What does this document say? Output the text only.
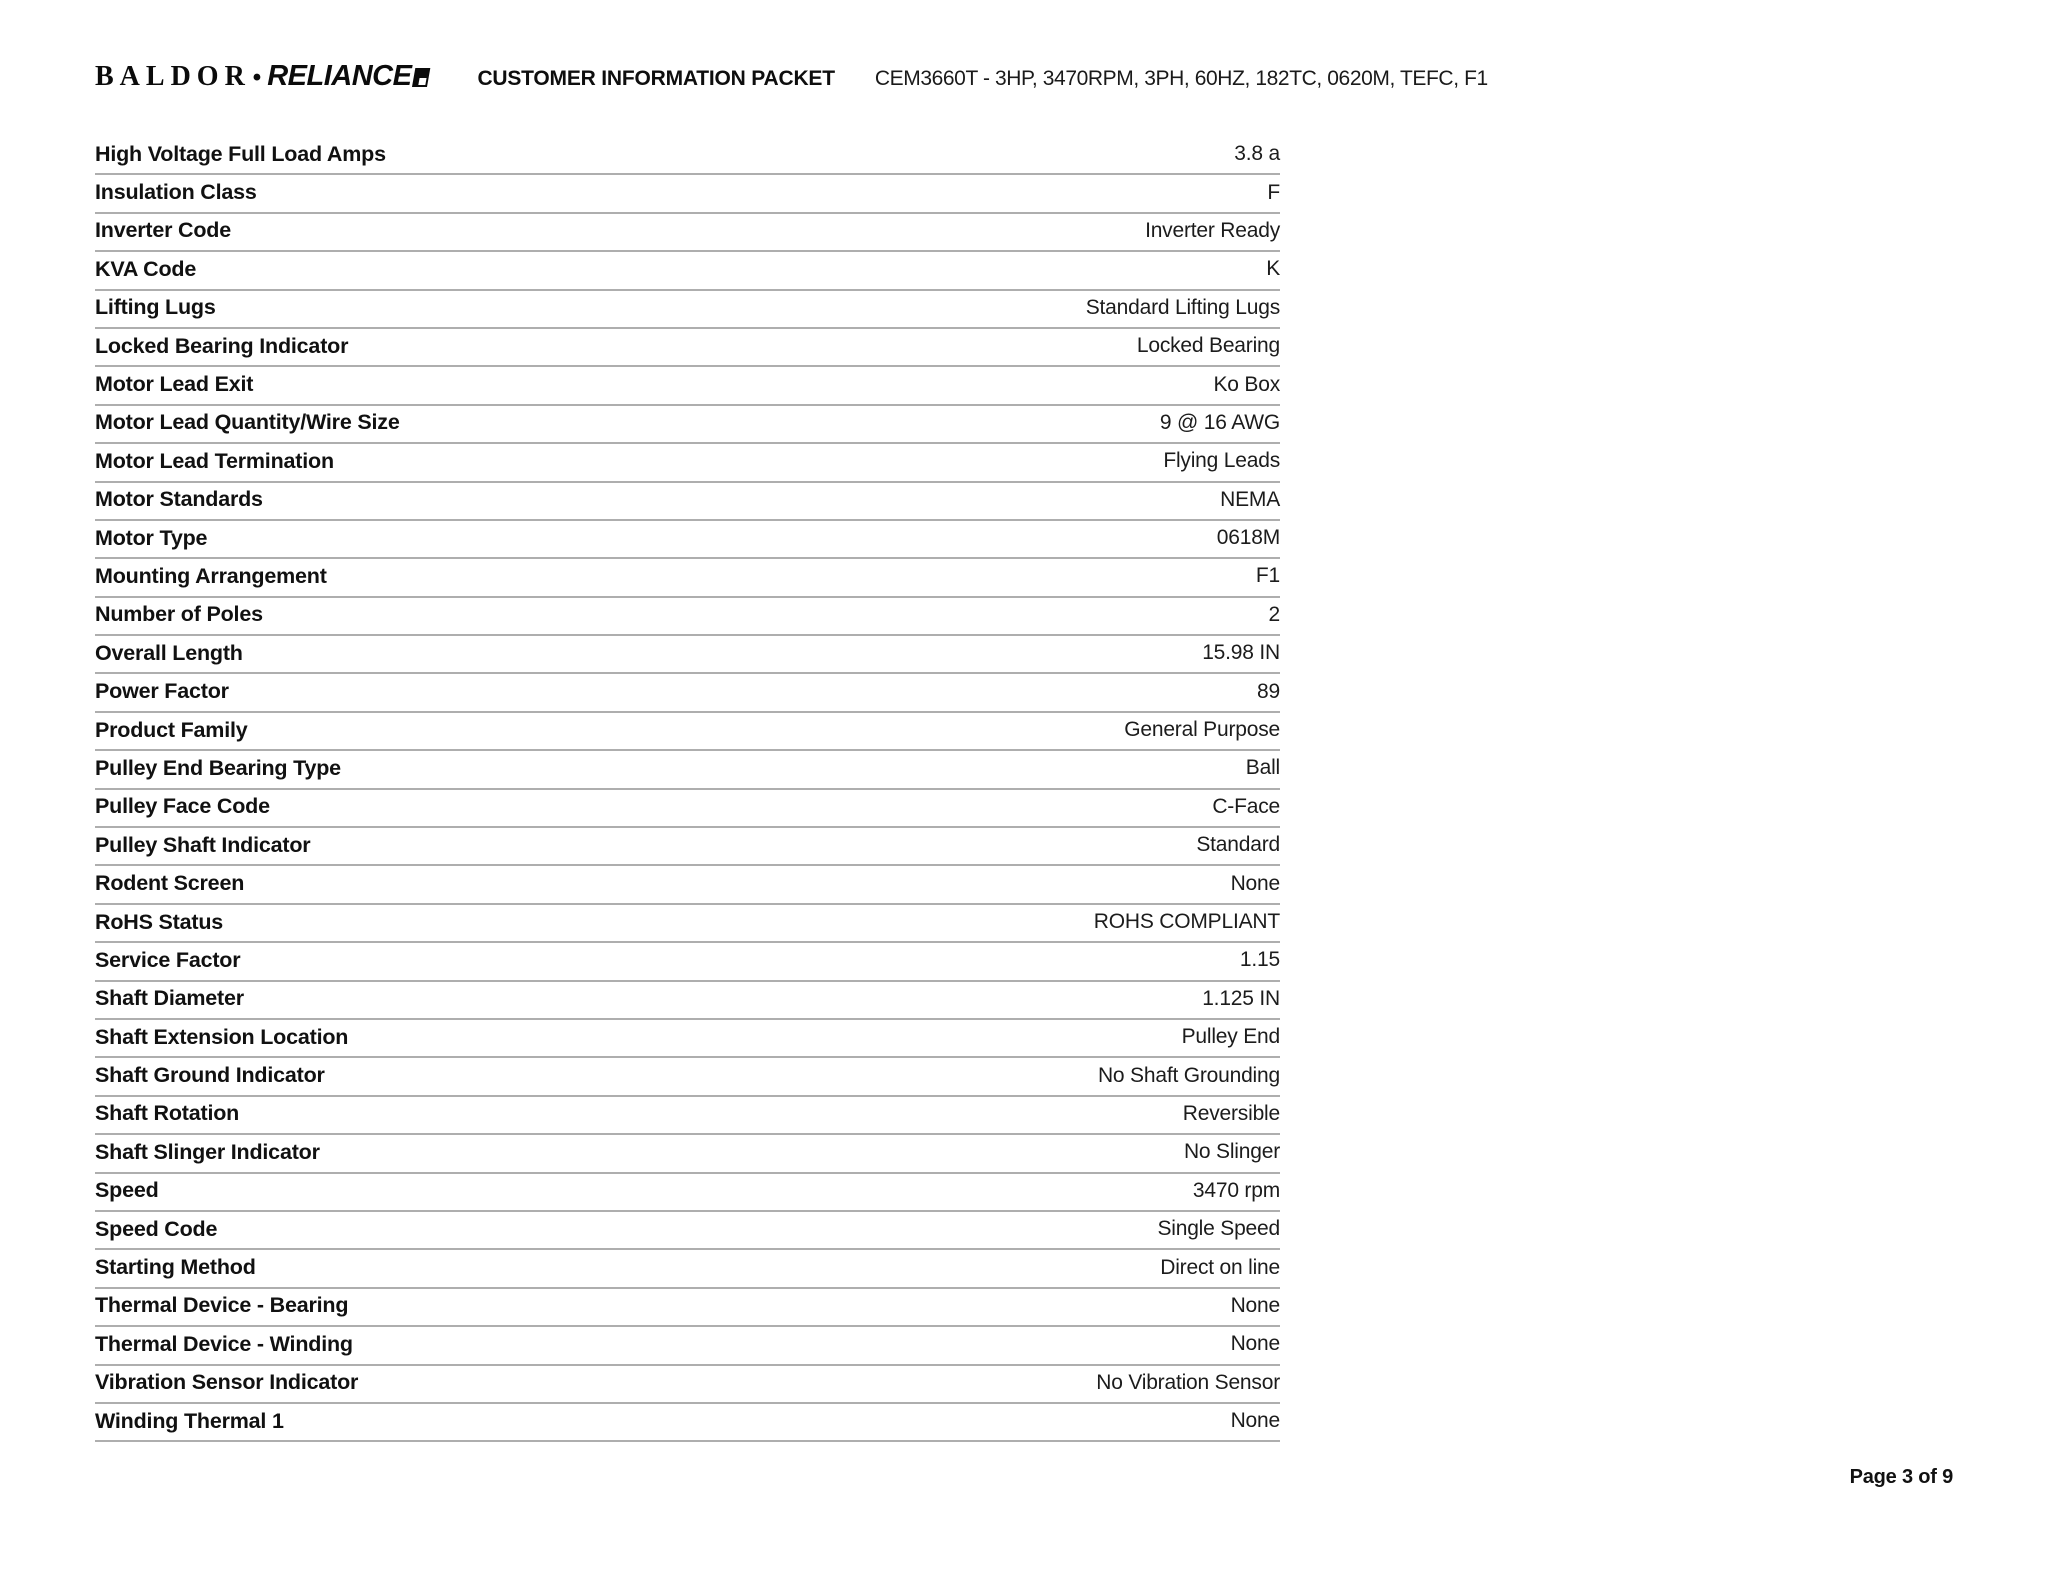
BALDOR • RELIANCE	CUSTOMER INFORMATION PACKET CEM3660T - 3HP, 3470RPM, 3PH, 60HZ, 182TC, 0620M, TEFC, F1
High Voltage Full Load Amps	3.8 a
Insulation Class	F
Inverter Code	Inverter Ready
KVA Code	K
Lifting Lugs	Standard Lifting Lugs
Locked Bearing Indicator	Locked Bearing
Motor Lead Exit	Ko Box
Motor Lead Quantity/Wire Size	9 @ 16 AWG
Motor Lead Termination	Flying Leads
Motor Standards	NEMA
Motor Type	0618M
Mounting Arrangement	F1
Number of Poles	2
Overall Length	15.98 IN
Power Factor	89
Product Family	General Purpose
Pulley End Bearing Type	Ball
Pulley Face Code	C-Face
Pulley Shaft Indicator	Standard
Rodent Screen	None
RoHS Status	ROHS COMPLIANT
Service Factor	1.15
Shaft Diameter	1.125 IN
Shaft Extension Location	Pulley End
Shaft Ground Indicator	No Shaft Grounding
Shaft Rotation	Reversible
Shaft Slinger Indicator	No Slinger
Speed	3470 rpm
Speed Code	Single Speed
Starting Method	Direct on line
Thermal Device - Bearing	None
Thermal Device - Winding	None
Vibration Sensor Indicator	No Vibration Sensor
Winding Thermal 1	None
Page 3 of 9
